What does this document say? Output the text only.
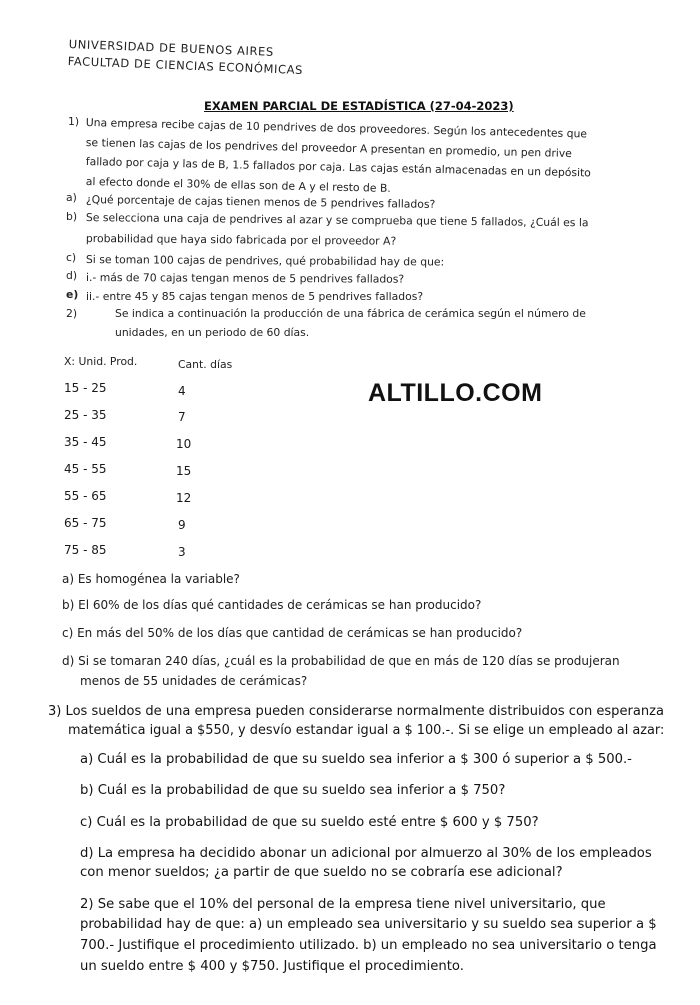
UNIVERSIDAD DE BUENOS AIRES
FACULTAD DE CIENCIAS ECONÓMICAS
EXAMEN PARCIAL DE ESTADÍSTICA (27-04-2023)
1) Una empresa recibe cajas de 10 pendrives de dos proveedores. Según los antecedentes que
se tienen las cajas de los pendrives del proveedor A presentan en promedio, un pen drive
fallado por caja y las de B, 1.5 fallados por caja. Las cajas están almacenadas en un depósito
al efecto donde el 30% de ellas son de A y el resto de B.
a) ¿Qué porcentaje de cajas tienen menos de 5 pendrives fallados?
b) Se selecciona una caja de pendrives al azar y se comprueba que tiene 5 fallados, ¿Cuál es la
probabilidad que haya sido fabricada por el proveedor A?
c) Si se toman 100 cajas de pendrives, qué probabilidad hay de que:
d) i.- más de 70 cajas tengan menos de 5 pendrives fallados?
e) ii.- entre 45 y 85 cajas tengan menos de 5 pendrives fallados?
2)	Se indica a continuación la producción de una fábrica de cerámica según el número de
unidades, en un periodo de 60 días.
X: Unid. Prod.	Cant. días
15 - 25	4
25 - 35	7
35 - 45	10
45 - 55	15
55 - 65	12
65 - 75	9
75 - 85	3
a) Es homogénea la variable?
b) El 60% de los días qué cantidades de cerámicas se han producido?
c) En más del 50% de los días que cantidad de cerámicas se han producido?
d) Si se tomaran 240 días, ¿cuál es la probabilidad de que en más de 120 días se produjeran
menos de 55 unidades de cerámicas?
ALTILLO.COM
3) Los sueldos de una empresa pueden considerarse normalmente distribuidos con esperanza
matemática igual a $550, y desvío estandar igual a $ 100.-. Si se elige un empleado al azar:
a) Cuál es la probabilidad de que su sueldo sea inferior a $ 300 ó superior a $ 500.-
b) Cuál es la probabilidad de que su sueldo sea inferior a $ 750?
c) Cuál es la probabilidad de que su sueldo esté entre $ 600 y $ 750?
d) La empresa ha decidido abonar un adicional por almuerzo al 30% de los empleados
con menor sueldos; ¿a partir de que sueldo no se cobraría ese adicional?
2) Se sabe que el 10% del personal de la empresa tiene nivel universitario, que
probabilidad hay de que: a) un empleado sea universitario y su sueldo sea superior a $
700.- Justifique el procedimiento utilizado. b) un empleado no sea universitario o tenga
un sueldo entre $ 400 y $750. Justifique el procedimiento.
